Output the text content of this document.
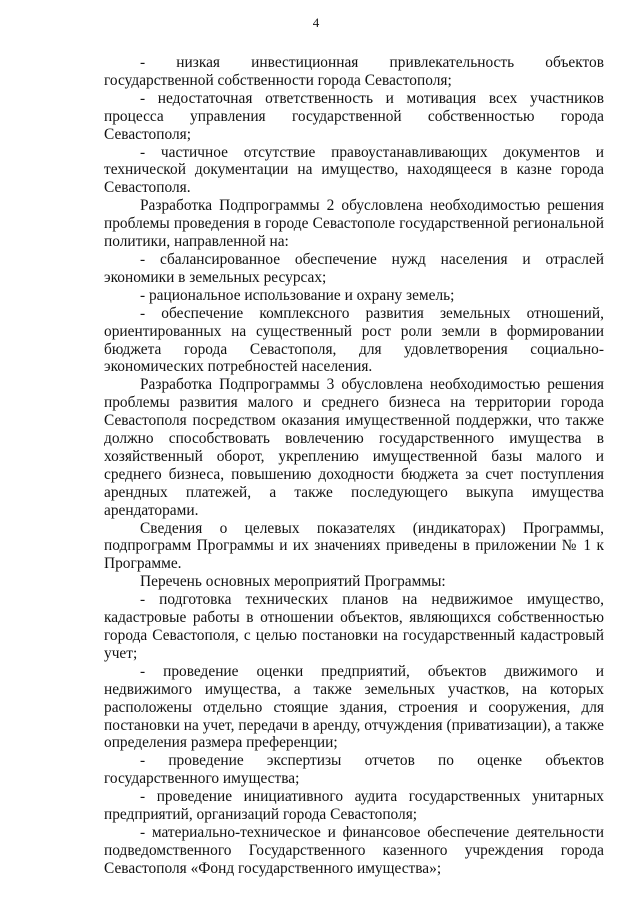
4

- низкая инвестиционная привлекательность объектов государственной собственности города Севастополя;

- недостаточная ответственность и мотивация всех участников процесса управления государственной собственностью города Севастополя;

- частичное отсутствие правоустанавливающих документов и технической документации на имущество, находящееся в казне города Севастополя.

Разработка Подпрограммы 2 обусловлена необходимостью решения проблемы проведения в городе Севастополе государственной региональной политики, направленной на:

- сбалансированное обеспечение нужд населения и отраслей экономики в земельных ресурсах;

- рациональное использование и охрану земель;

- обеспечение комплексного развития земельных отношений, ориентированных на существенный рост роли земли в формировании бюджета города Севастополя, для удовлетворения социально-экономических потребностей населения.

Разработка Подпрограммы 3 обусловлена необходимостью решения проблемы развития малого и среднего бизнеса на территории города Севастополя посредством оказания имущественной поддержки, что также должно способствовать вовлечению государственного имущества в хозяйственный оборот, укреплению имущественной базы малого и среднего бизнеса, повышению доходности бюджета за счет поступления арендных платежей, а также последующего выкупа имущества арендаторами.

Сведения о целевых показателях (индикаторах) Программы, подпрограмм Программы и их значениях приведены в приложении № 1 к Программе.

Перечень основных мероприятий Программы:

- подготовка технических планов на недвижимое имущество, кадастровые работы в отношении объектов, являющихся собственностью города Севастополя, с целью постановки на государственный кадастровый учет;

- проведение оценки предприятий, объектов движимого и недвижимого имущества, а также земельных участков, на которых расположены отдельно стоящие здания, строения и сооружения, для постановки на учет, передачи в аренду, отчуждения (приватизации), а также определения размера преференции;

- проведение экспертизы отчетов по оценке объектов государственного имущества;

- проведение инициативного аудита государственных унитарных предприятий, организаций города Севастополя;

- материально-техническое и финансовое обеспечение деятельности подведомственного Государственного казенного учреждения города Севастополя «Фонд государственного имущества»;
